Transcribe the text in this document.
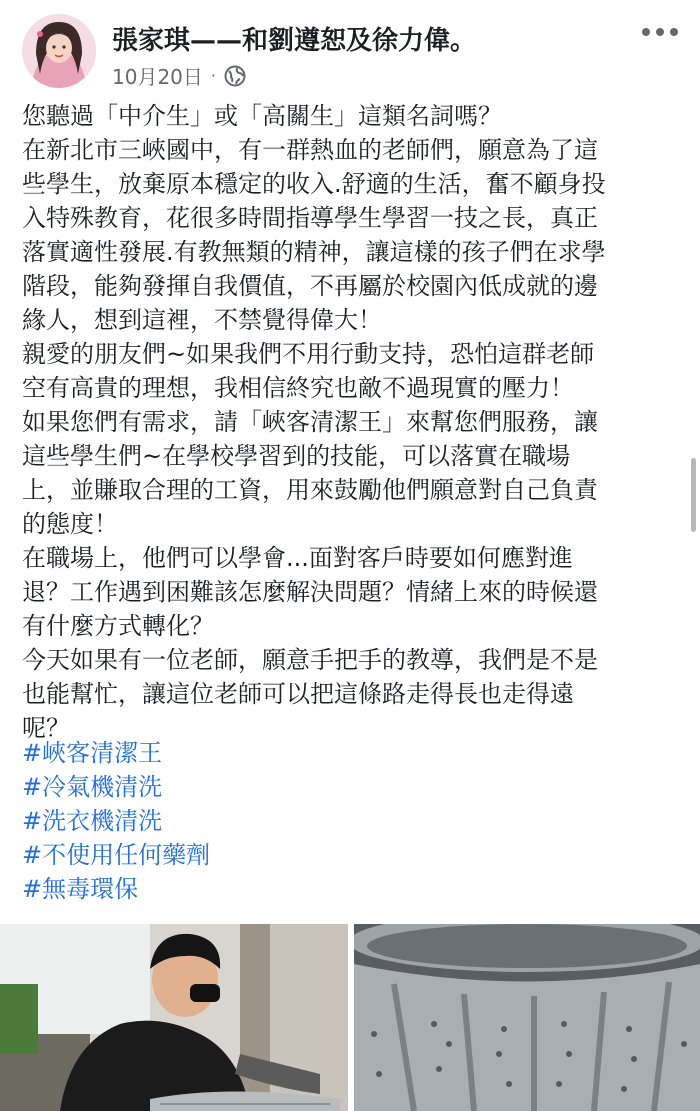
張家琪——和劉遵恕及徐力偉。
10月20日 ·
您聽過「中介生」或「高關生」這類名詞嗎？
在新北市三峽國中，有一群熱血的老師們，願意為了這
些學生，放棄原本穩定的收入.舒適的生活，奮不顧身投
入特殊教育，花很多時間指導學生學習一技之長，真正
落實適性發展.有教無類的精神，讓這樣的孩子們在求學
階段，能夠發揮自我價值，不再屬於校園內低成就的邊
緣人，想到這裡，不禁覺得偉大！
親愛的朋友們~如果我們不用行動支持，恐怕這群老師
空有高貴的理想，我相信終究也敵不過現實的壓力！
如果您們有需求，請「峽客清潔王」來幫您們服務，讓
這些學生們~在學校學習到的技能，可以落實在職場
上，並賺取合理的工資，用來鼓勵他們願意對自己負責
的態度！
在職場上，他們可以學會...面對客戶時要如何應對進
退？工作遇到困難該怎麼解決問題？情緒上來的時候還
有什麼方式轉化？
今天如果有一位老師，願意手把手的教導，我們是不是
也能幫忙，讓這位老師可以把這條路走得長也走得遠
呢？
#峽客清潔王
#冷氣機清洗
#洗衣機清洗
#不使用任何藥劑
#無毒環保
